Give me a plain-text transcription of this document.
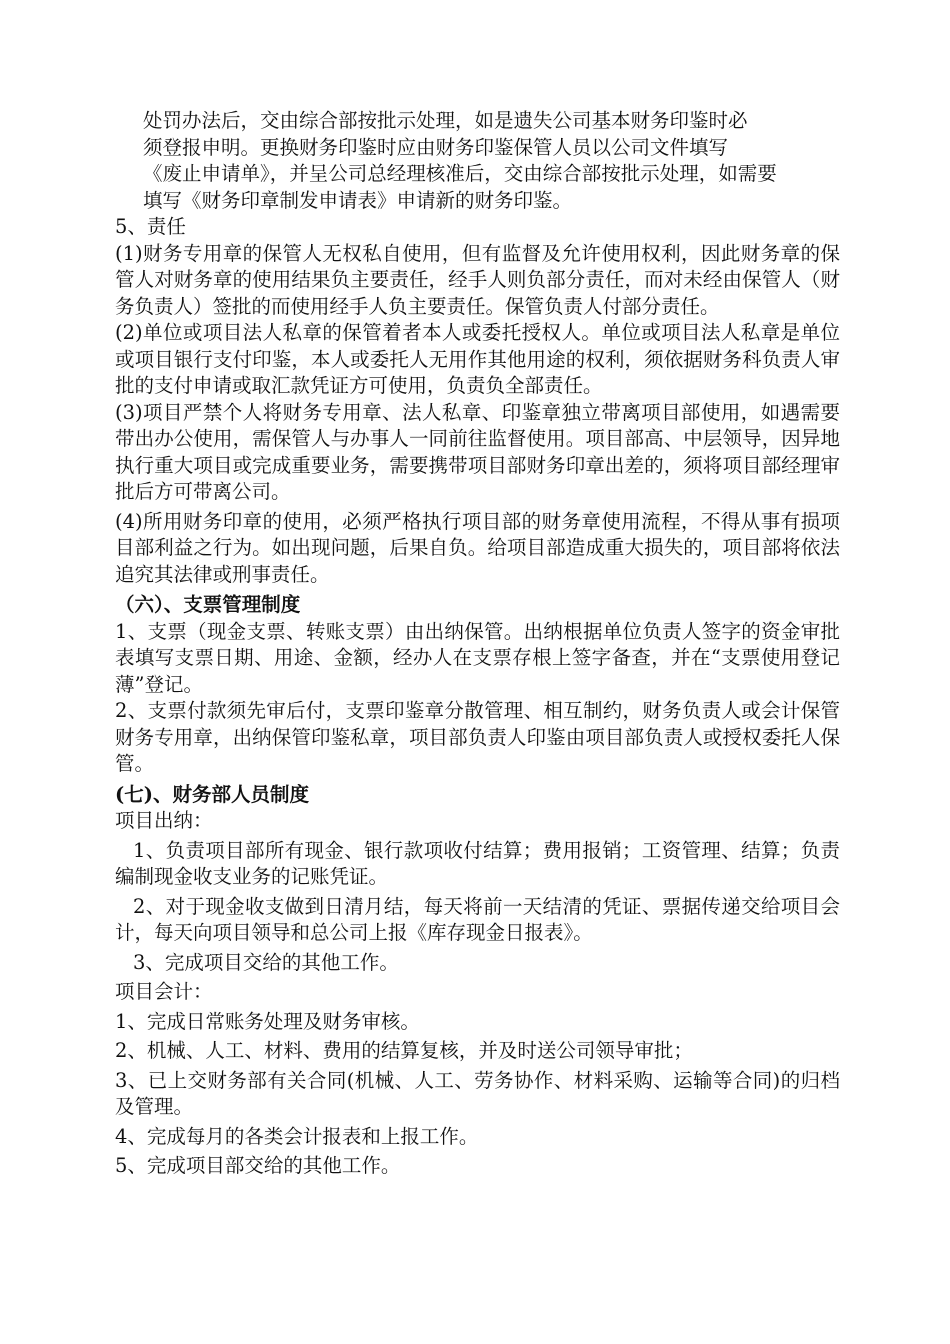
处罚办法后，交由综合部按批示处理，如是遗失公司基本财务印鉴时必

须登报申明。更换财务印鉴时应由财务印鉴保管人员以公司文件填写

《废止申请单》，并呈公司总经理核准后，交由综合部按批示处理，如需要

填写《财务印章制发申请表》申请新的财务印鉴。

5、责任

(1)财务专用章的保管人无权私自使用，但有监督及允许使用权利，因此财务章的保管人对财务章的使用结果负主要责任，经手人则负部分责任，而对未经由保管人（财务负责人）签批的而使用经手人负主要责任。保管负责人付部分责任。

(2)单位或项目法人私章的保管着者本人或委托授权人。单位或项目法人私章是单位或项目银行支付印鉴，本人或委托人无用作其他用途的权利，须依据财务科负责人审批的支付申请或取汇款凭证方可使用，负责负全部责任。

(3)项目严禁个人将财务专用章、法人私章、印鉴章独立带离项目部使用，如遇需要带出办公使用，需保管人与办事人一同前往监督使用。项目部高、中层领导，因异地执行重大项目或完成重要业务，需要携带项目部财务印章出差的，须将项目部经理审批后方可带离公司。

(4)所用财务印章的使用，必须严格执行项目部的财务章使用流程，不得从事有损项目部利益之行为。如出现问题，后果自负。给项目部造成重大损失的，项目部将依法追究其法律或刑事责任。

（六）、支票管理制度

1、支票（现金支票、转账支票）由出纳保管。出纳根据单位负责人签字的资金审批表填写支票日期、用途、金额，经办人在支票存根上签字备查，并在“支票使用登记薄”登记。

2、支票付款须先审后付，支票印鉴章分散管理、相互制约，财务负责人或会计保管财务专用章，出纳保管印鉴私章，项目部负责人印鉴由项目部负责人或授权委托人保管。

(七)、财务部人员制度

项目出纳：

1、负责项目部所有现金、银行款项收付结算；费用报销；工资管理、结算；负责编制现金收支业务的记账凭证。

2、对于现金收支做到日清月结，每天将前一天结清的凭证、票据传递交给项目会计，每天向项目领导和总公司上报《库存现金日报表》。

3、完成项目交给的其他工作。

项目会计：

1、完成日常账务处理及财务审核。

2、机械、人工、材料、费用的结算复核，并及时送公司领导审批；

3、已上交财务部有关合同(机械、人工、劳务协作、材料采购、运输等合同)的归档及管理。

4、完成每月的各类会计报表和上报工作。

5、完成项目部交给的其他工作。
